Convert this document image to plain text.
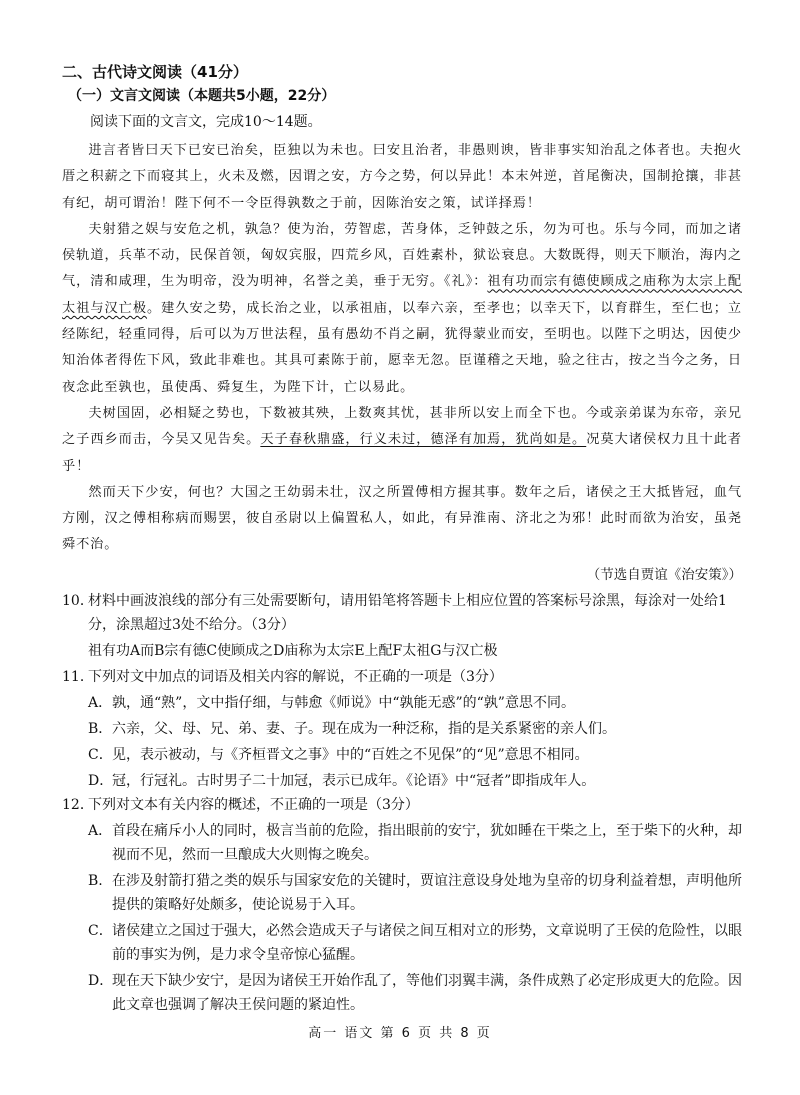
二、古代诗文阅读（41分）

（一）文言文阅读（本题共5小题，22分）

阅读下面的文言文，完成10～14题。

进言者皆曰天下已安已治矣，臣独以为未也。曰安且治者，非愚则谀，皆非事实知治乱之体者也。夫抱火厝之积薪之下而寝其上，火未及燃，因谓之安，方今之势，何以异此！本末舛逆，首尾衡决，国制抢攘，非甚有纪，胡可谓治！陛下何不一令臣得孰数之于前，因陈治安之策，试详择焉！

夫射猎之娱与安危之机，孰急？使为治，劳智虑，苦身体，乏钟鼓之乐，勿为可也。乐与今同，而加之诸侯轨道，兵革不动，民保首领，匈奴宾服，四荒乡风，百姓素朴，狱讼衰息。大数既得，则天下顺治，海内之气，清和咸理，生为明帝，没为明神，名誉之美，垂于无穷。《礼》：祖有功而宗有德使顾成之庙称为太宗上配太祖与汉亡极。建久安之势，成长治之业，以承祖庙，以奉六亲，至孝也；以幸天下，以育群生，至仁也；立经陈纪，轻重同得，后可以为万世法程，虽有愚幼不肖之嗣，犹得蒙业而安，至明也。以陛下之明达，因使少知治体者得佐下风，致此非难也。其具可素陈于前，愿幸无忽。臣谨稽之天地，验之往古，按之当今之务，日夜念此至孰也，虽使禹、舜复生，为陛下计，亡以易此。

夫树国固，必相疑之势也，下数被其殃，上数爽其忧，甚非所以安上而全下也。今或亲弟谋为东帝，亲兄之子西乡而击，今吴又见告矣。天子春秋鼎盛，行义未过，德泽有加焉，犹尚如是。况莫大诸侯权力且十此者乎！

然而天下少安，何也？大国之王幼弱未壮，汉之所置傅相方握其事。数年之后，诸侯之王大抵皆冠，血气方刚，汉之傅相称病而赐罢，彼自丞尉以上偏置私人，如此，有异淮南、济北之为邪！此时而欲为治安，虽尧舜不治。

（节选自贾谊《治安策》）

10．材料中画波浪线的部分有三处需要断句，请用铅笔将答题卡上相应位置的答案标号涂黑，每涂对一处给1分，涂黑超过3处不给分。（3分）

祖有功A而B宗有德C使顾成之D庙称为太宗E上配F太祖G与汉亡极

11．下列对文中加点的词语及相关内容的解说，不正确的一项是（3分）

A．孰，通“熟”，文中指仔细，与韩愈《师说》中“孰能无惑”的“孰”意思不同。

B．六亲，父、母、兄、弟、妻、子。现在成为一种泛称，指的是关系紧密的亲人们。

C．见，表示被动，与《齐桓晋文之事》中的“百姓之不见保”的“见”意思不相同。

D．冠，行冠礼。古时男子二十加冠，表示已成年。《论语》中“冠者”即指成年人。

12．下列对文本有关内容的概述，不正确的一项是（3分）

A．首段在痛斥小人的同时，极言当前的危险，指出眼前的安宁，犹如睡在干柴之上，至于柴下的火种，却视而不见，然而一旦酿成大火则悔之晚矣。

B. 在涉及射箭打猎之类的娱乐与国家安危的关键时，贾谊注意设身处地为皇帝的切身利益着想，声明他所提供的策略好处颇多，使论说易于入耳。

C．诸侯建立之国过于强大，必然会造成天子与诸侯之间互相对立的形势，文章说明了王侯的危险性，以眼前的事实为例，是力求令皇帝惊心猛醒。

D．现在天下缺少安宁，是因为诸侯王开始作乱了，等他们羽翼丰满，条件成熟了必定形成更大的危险。因此文章也强调了解决王侯问题的紧迫性。

高一 语文 第 6 页 共 8 页
